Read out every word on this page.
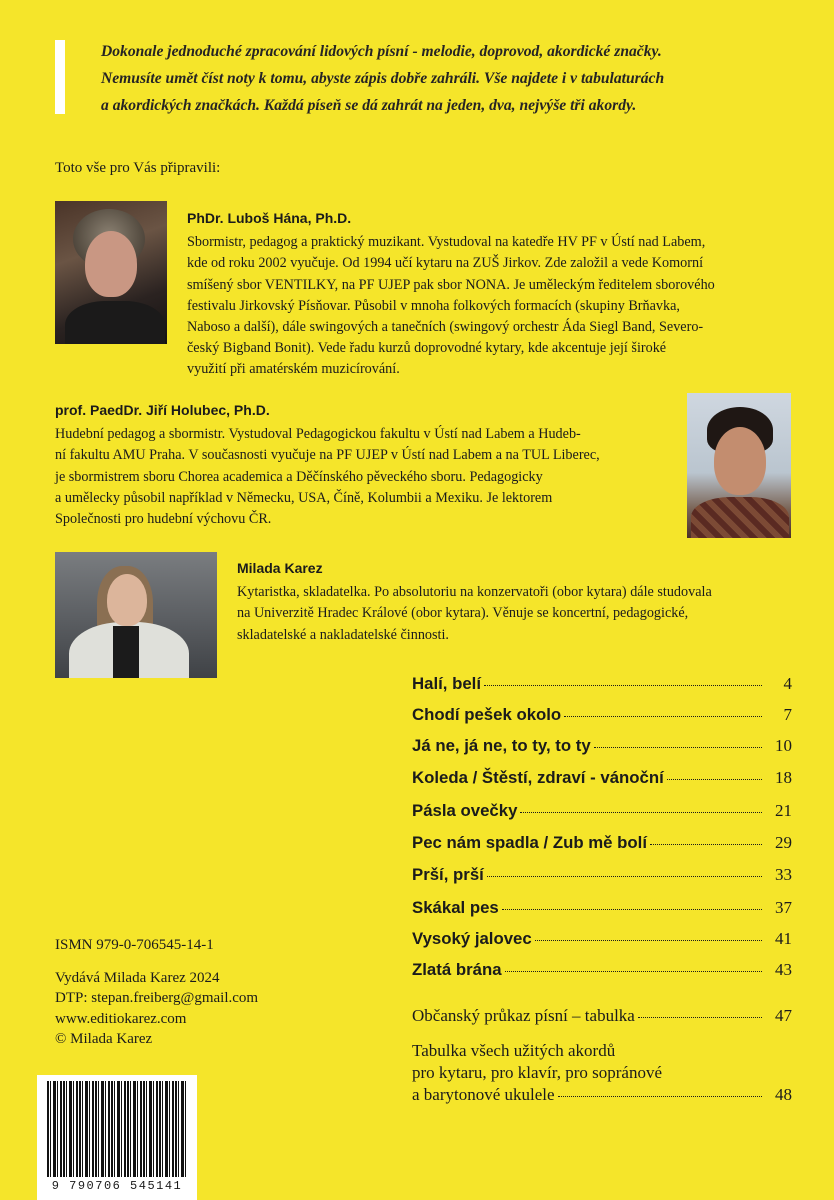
Dokonale jednoduché zpracování lidových písní - melodie, doprovod, akordické značky.
Nemusíte umět číst noty k tomu, abyste zápis dobře zahráli. Vše najdete i v tabulaturách
a akordických značkách. Každá píseň se dá zahrát na jeden, dva, nejvýše tři akordy.
Toto vše pro Vás připravili:
PhDr. Luboš Hána, Ph.D.
Sbormistr, pedagog a praktický muzikant. Vystudoval na katedře HV PF v Ústí nad Labem,
kde od roku 2002 vyučuje. Od 1994 učí kytaru na ZUŠ Jirkov. Zde založil a vede Komorní
smíšený sbor VENTILKY, na PF UJEP pak sbor NONA. Je uměleckým ředitelem sborového
festivalu Jirkovský Písňovar. Působil v mnoha folkových formacích (skupiny Brňavka,
Naboso a další), dále swingových a tanečních (swingový orchestr Áda Siegl Band, Severo-
český Bigband Bonit). Vede řadu kurzů doprovodné kytary, kde akcentuje její široké
využití při amatérském muzicírování.
prof. PaedDr. Jiří Holubec, Ph.D.
Hudební pedagog a sbormistr. Vystudoval Pedagogickou fakultu v Ústí nad Labem a Hudeb-
ní fakultu AMU Praha. V současnosti vyučuje na PF UJEP v Ústí nad Labem a na TUL Liberec,
je sbormistrem sboru Chorea academica a Děčínského pěveckého sboru. Pedagogicky
a umělecky působil například v Německu, USA, Číně, Kolumbii a Mexiku. Je lektorem
Společnosti pro hudební výchovu ČR.
Milada Karez
Kytaristka, skladatelka. Po absolutoriu na konzervatoři (obor kytara) dále studovala
na Univerzitě Hradec Králové (obor kytara). Věnuje se koncertní, pedagogické,
skladatelské a nakladatelské činnosti.
Halí, belí	4
Chodí pešek okolo	7
Já ne, já ne, to ty, to ty	10
Koleda / Štěstí, zdraví - vánoční	18
Pásla ovečky	21
Pec nám spadla / Zub mě bolí	29
Prší, prší	33
Skákal pes	37
Vysoký jalovec	41
Zlatá brána	43
Občanský průkaz písní – tabulka	47
Tabulka všech užitých akordů
pro kytaru, pro klavír, pro sopránové
a barytonové ukulele	48
ISMN 979-0-706545-14-1
Vydává Milada Karez 2024
DTP: stepan.freiberg@gmail.com
www.editiokarez.com
© Milada Karez
9 790706 545141
